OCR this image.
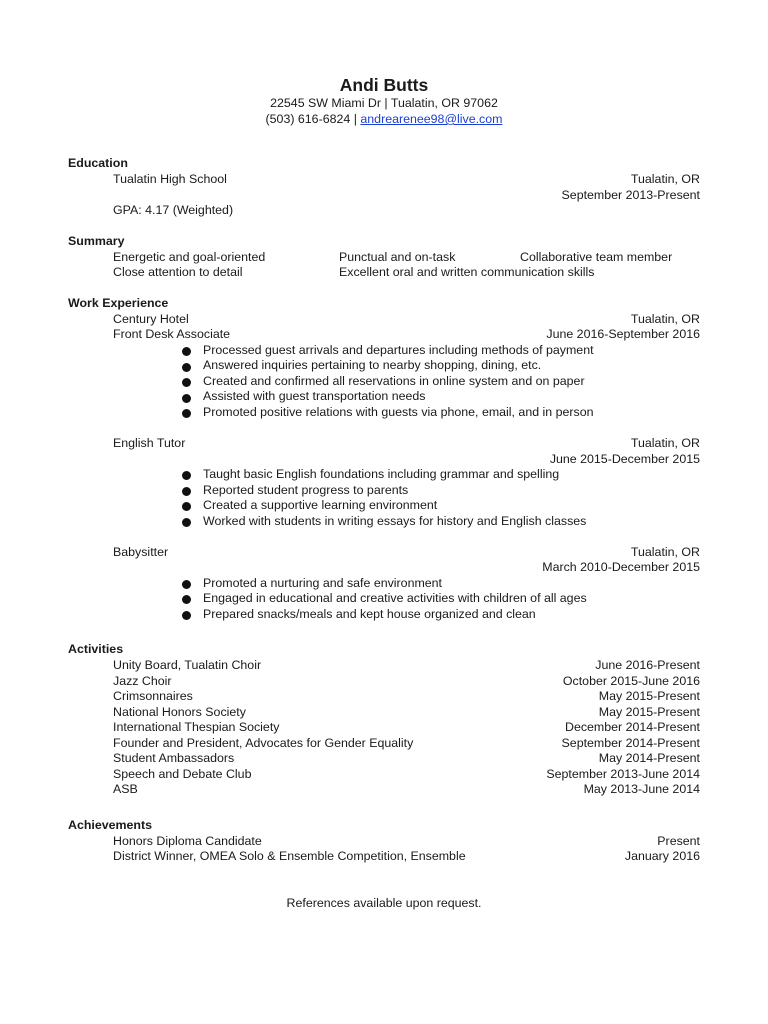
Andi Butts
22545 SW Miami Dr | Tualatin, OR 97062
(503) 616-6824 | andrearenee98@live.com
Education
Tualatin High School	Tualatin, OR
September 2013-Present
GPA: 4.17 (Weighted)
Summary
Energetic and goal-oriented	Punctual and on-task	Collaborative team member
Close attention to detail	Excellent oral and written communication skills
Work Experience
Century Hotel	Tualatin, OR
Front Desk Associate	June 2016-September 2016
Processed guest arrivals and departures including methods of payment
Answered inquiries pertaining to nearby shopping, dining, etc.
Created and confirmed all reservations in online system and on paper
Assisted with guest transportation needs
Promoted positive relations with guests via phone, email, and in person
English Tutor	Tualatin, OR
June 2015-December 2015
Taught basic English foundations including grammar and spelling
Reported student progress to parents
Created a supportive learning environment
Worked with students in writing essays for history and English classes
Babysitter	Tualatin, OR
March 2010-December 2015
Promoted a nurturing and safe environment
Engaged in educational and creative activities with children of all ages
Prepared snacks/meals and kept house organized and clean
Activities
Unity Board, Tualatin Choir	June 2016-Present
Jazz Choir	October 2015-June 2016
Crimsonnaires	May 2015-Present
National Honors Society	May 2015-Present
International Thespian Society	December 2014-Present
Founder and President, Advocates for Gender Equality	September 2014-Present
Student Ambassadors	May 2014-Present
Speech and Debate Club	September 2013-June 2014
ASB	May 2013-June 2014
Achievements
Honors Diploma Candidate	Present
District Winner, OMEA Solo & Ensemble Competition, Ensemble	January 2016
References available upon request.
